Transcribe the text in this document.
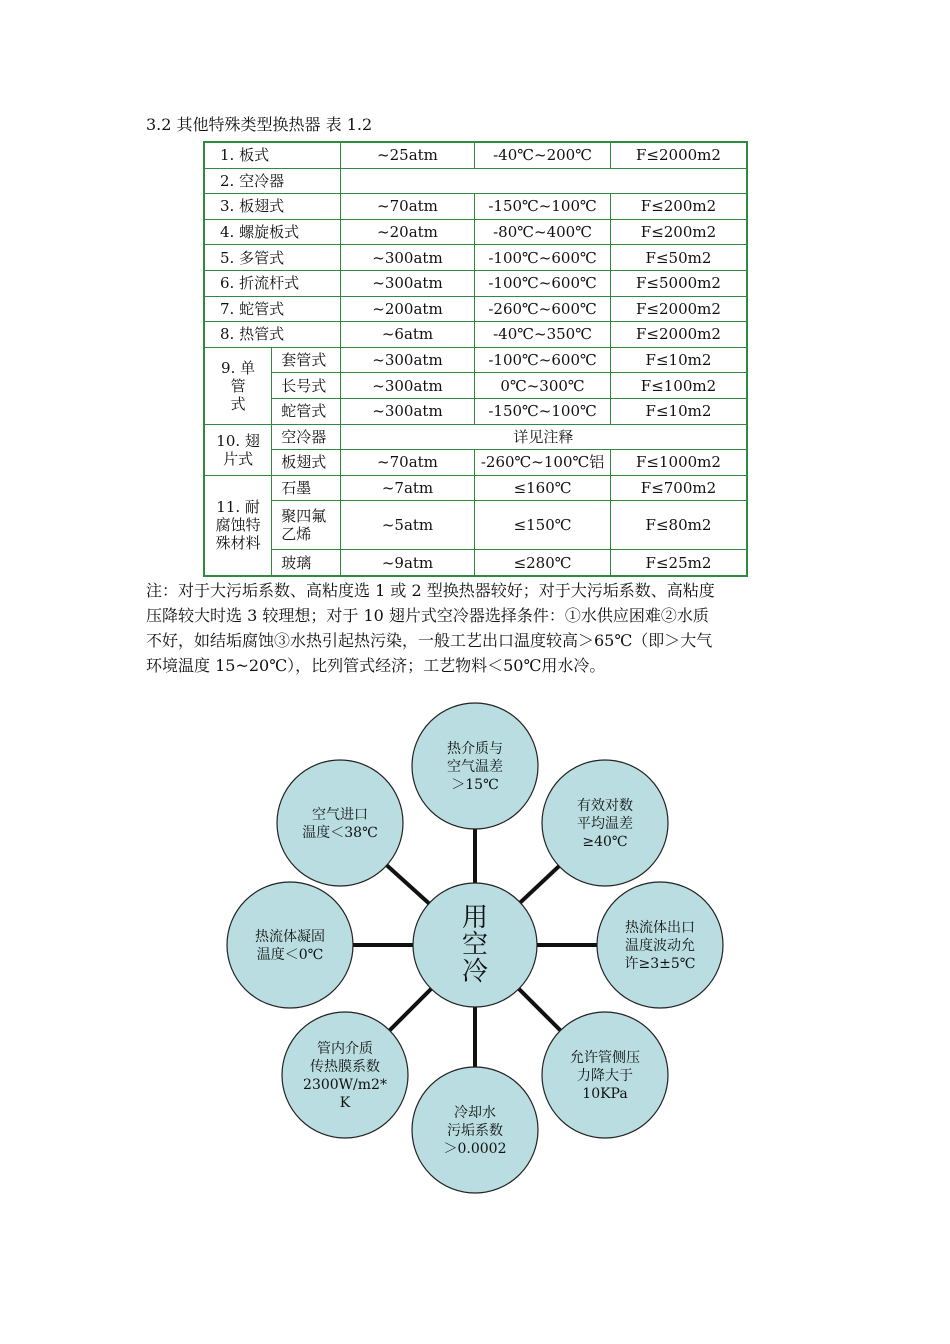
3.2 其他特殊类型换热器 表 1.2
1. 板式		~25atm	-40℃~200℃	F≤2000m2
2. 空冷器				
3. 板翅式		~70atm	-150℃~100℃	F≤200m2
4. 螺旋板式		~20atm	-80℃~400℃	F≤200m2
5. 多管式		~300atm	-100℃~600℃	F≤50m2
6. 折流杆式		~300atm	-100℃~600℃	F≤5000m2
7. 蛇管式		~200atm	-260℃~600℃	F≤2000m2
8. 热管式		~6atm	-40℃~350℃	F≤2000m2

9. 单
管
式	套管式	~300atm	-100℃~600℃	F≤10m2
	长号式	~300atm	0℃~300℃	F≤100m2
	蛇管式	~300atm	-150℃~100℃	F≤10m2

10. 翅
片式	空冷器	详见注释		
	板翅式	~70atm	-260℃~100℃铝	F≤1000m2

11. 耐
腐蚀特
殊材料	石墨	~7atm	≤160℃	F≤700m2

	聚四氟
乙烯	~5atm	≤150℃	F≤80m2
	玻璃	~9atm	≤280℃	F≤25m2

注：对于大污垢系数、高粘度选 1 或 2 型换热器较好；对于大污垢系数、高粘度

压降较大时选 3 较理想；对于 10 翅片式空冷器选择条件：①水供应困难②水质

不好，如结垢腐蚀③水热引起热污染，一般工艺出口温度较高＞65℃（即＞大气

环境温度 15~20℃），比列管式经济；工艺物料＜50℃用水冷。

热介质与
空气温差
＞15℃
有效对数
平均温差
≥40℃
热流体出口
温度波动允
许≥3±5℃
允许管侧压
力降大于
10KPa
冷却水
污垢系数
＞0.0002
管内介质
传热膜系数
2300W/m2*
K
热流体凝固
温度＜0℃
空气进口
温度＜38℃
用
空
冷
